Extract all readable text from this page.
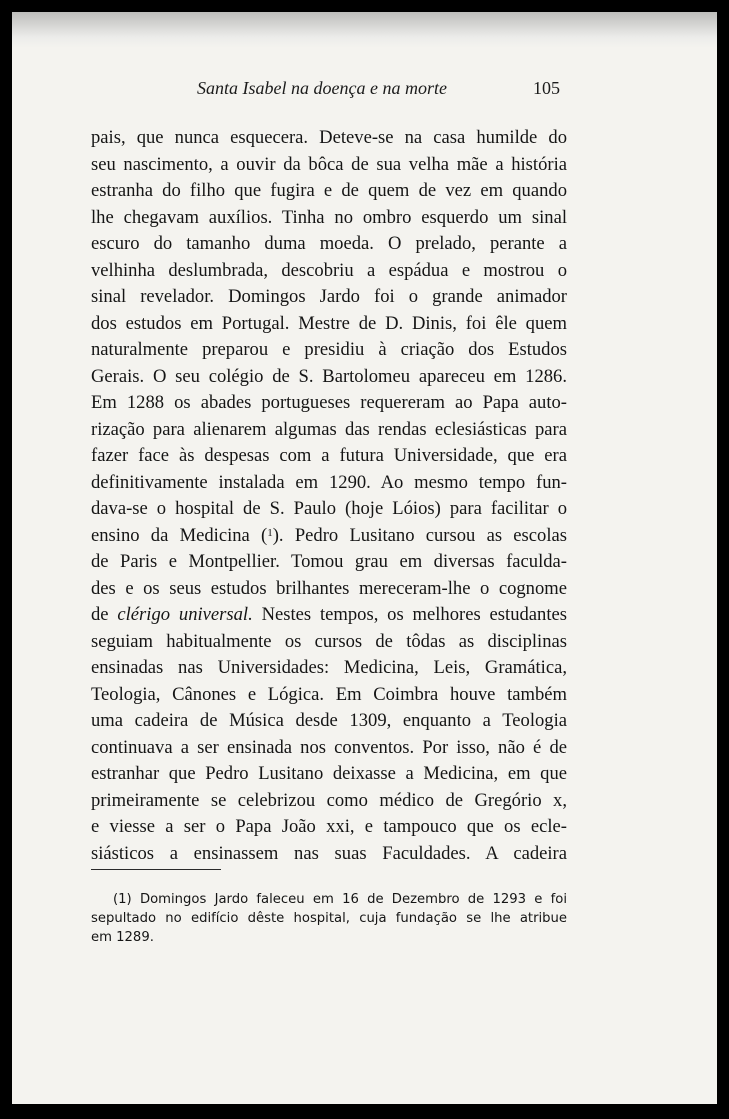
Santa Isabel na doença e na morte	105
pais, que nunca esquecera. Deteve-se na casa humilde do
seu nascimento, a ouvir da bôca de sua velha mãe a história
estranha do filho que fugira e de quem de vez em quando
lhe chegavam auxílios. Tinha no ombro esquerdo um sinal
escuro do tamanho duma moeda. O prelado, perante a
velhinha deslumbrada, descobriu a espádua e mostrou o
sinal revelador. Domingos Jardo foi o grande animador
dos estudos em Portugal. Mestre de D. Dinis, foi êle quem
naturalmente preparou e presidiu à criação dos Estudos
Gerais. O seu colégio de S. Bartolomeu apareceu em 1286.
Em 1288 os abades portugueses requereram ao Papa auto-
rização para alienarem algumas das rendas eclesiásticas para
fazer face às despesas com a futura Universidade, que era
definitivamente instalada em 1290. Ao mesmo tempo fun-
dava-se o hospital de S. Paulo (hoje Lóios) para facilitar o
ensino da Medicina ($^1$). Pedro Lusitano cursou as escolas
de Paris e Montpellier. Tomou grau em diversas faculda-
des e os seus estudos brilhantes mereceram-lhe o cognome
de clérigo universal. Nestes tempos, os melhores estudantes
seguiam habitualmente os cursos de tôdas as disciplinas
ensinadas nas Universidades: Medicina, Leis, Gramática,
Teologia, Cânones e Lógica. Em Coimbra houve também
uma cadeira de Música desde 1309, enquanto a Teologia
continuava a ser ensinada nos conventos. Por isso, não é de
estranhar que Pedro Lusitano deixasse a Medicina, em que
primeiramente se celebrizou como médico de Gregório x,
e viesse a ser o Papa João xxi, e tampouco que os ecle-
siásticos a ensinassem nas suas Faculdades. A cadeira
(1) Domingos Jardo faleceu em 16 de Dezembro de 1293 e foi
sepultado no edifício dêste hospital, cuja fundação se lhe atribue
em 1289.
